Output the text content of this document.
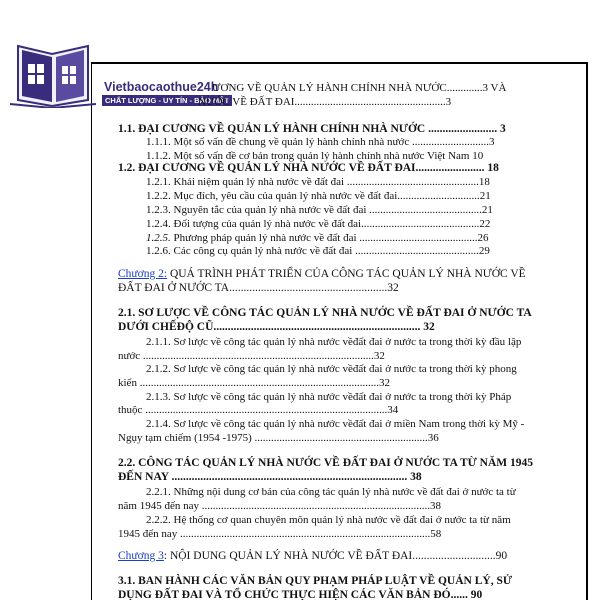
Vietbaocaothue24h
CHẤT LƯỢNG - UY TÍN - BẢO MẬT
ƯƠNG VỀ QUẢN LÝ HÀNH CHÍNH NHÀ NƯỚC.............3 VÀ
NƯỚC VỀ ĐẤT ĐAI.......................................................3
1.1. ĐẠI CƯƠNG VỀ QUẢN LÝ HÀNH CHÍNH NHÀ NƯỚC ........................ 3
1.1.1. Một số vấn đề chung về quản lý hành chính nhà nước ............................3
1.1.2. Một số vấn đề cơ bản trong quản lý hành chính nhà nước Việt Nam 10
1.2. ĐẠI CƯƠNG VỀ QUẢN LÝ NHÀ NƯỚC VỀ ĐẤT ĐAI........................ 18
1.2.1. Khái niệm quản lý nhà nước về đất đai ................................................18
1.2.2. Mục đích, yêu cầu của quản lý nhà nước về đất đai..............................21
1.2.3. Nguyên tắc của quản lý nhà nước về đất đai .........................................21
1.2.4. Đối tượng của quản lý nhà nước về đất đai...........................................22
1.2.5. Phương pháp quản lý nhà nước về đất đai ...........................................26
1.2.6. Các công cụ quản lý nhà nước về đất đai .............................................29
Chương 2: QUÁ TRÌNH PHÁT TRIỂN CỦA CÔNG TÁC QUẢN LÝ NHÀ NƯỚC VỀ
ĐẤT ĐAI Ở NƯỚC TA.......................................................32
2.1. SƠ LƯỢC VỀ CÔNG TÁC QUẢN LÝ NHÀ NƯỚC VỀ ĐẤT ĐAI Ở NƯỚC TA
DƯỚI CHẾĐỘ CŨ........................................................................ 32
2.1.1. Sơ lược về công tác quản lý nhà nước vềđất đai ở nước ta trong thời kỳ đầu lập
nước ....................................................................................32
2.1.2. Sơ lược về công tác quản lý nhà nước vềđất đai ở nước ta trong thời kỳ phong
kiến .......................................................................................32
2.1.3. Sơ lược về công tác quản lý nhà nước vềđất đai ở nước ta trong thời kỳ Pháp
thuộc ........................................................................................34
2.1.4. Sơ lược về công tác quản lý nhà nước vềđất đai ở miền Nam trong thời kỳ Mỹ -
Ngụy tạm chiếm (1954 -1975) ...............................................................36
2.2. CÔNG TÁC QUẢN LÝ NHÀ NƯỚC VỀ ĐẤT ĐAI Ở NƯỚC TA TỪ NĂM 1945
ĐẾN NAY .................................................................................. 38
2.2.1. Những nội dung cơ bản của công tác quản lý nhà nước về đất đai ở nước ta từ
năm 1945 đến nay ...................................................................................38
2.2.2. Hệ thống cơ quan chuyên môn quản lý nhà nước về đất đai ở nước ta từ năm
1945 đến nay ...........................................................................................58
Chương 3: NỘI DUNG QUẢN LÝ NHÀ NƯỚC VỀ ĐẤT ĐAI.............................90
3.1. BAN HÀNH CÁC VĂN BẢN QUY PHẠM PHÁP LUẬT VỀ QUẢN LÝ, SỬ
DỤNG ĐẤT ĐAI VÀ TỔ CHỨC THỰC HIỆN CÁC VĂN BẢN ĐÓ...... 90
